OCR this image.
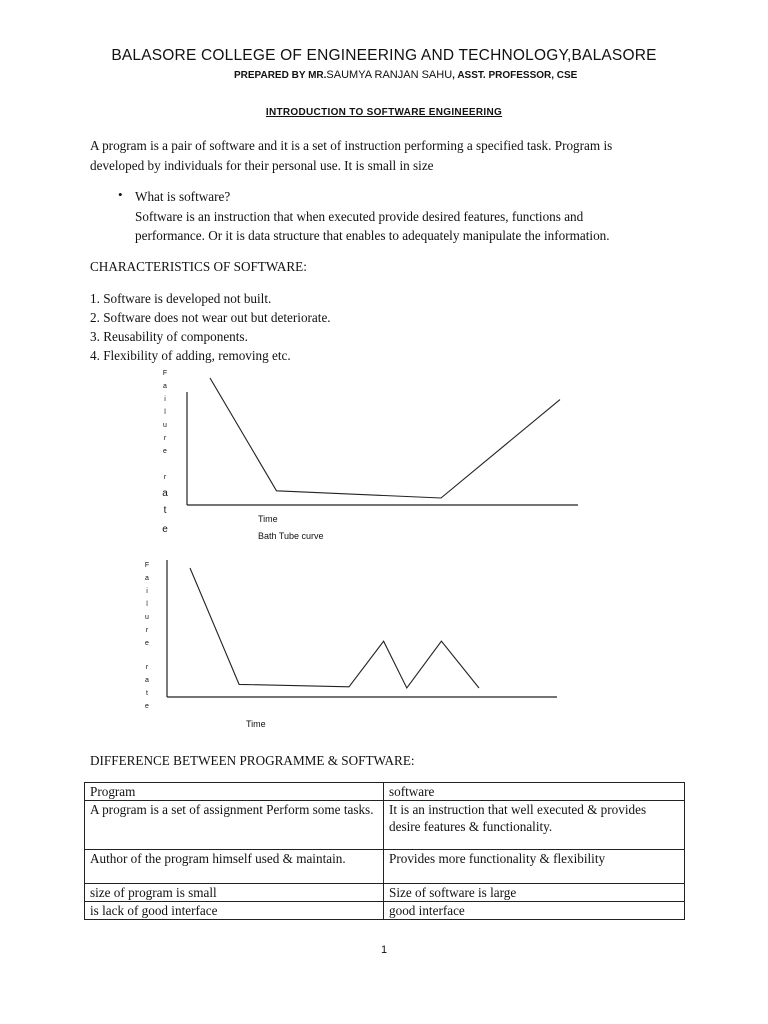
BALASORE COLLEGE OF ENGINEERING AND TECHNOLOGY,BALASORE
PREPARED BY MR.SAUMYA RANJAN SAHU, ASST. PROFESSOR, CSE
INTRODUCTION TO SOFTWARE ENGINEERING
A program is a pair of software and it is a set of instruction performing a specified task. Program is developed by individuals for their personal use. It is small in size
• What is software?
Software is an instruction that when executed provide desired features, functions and performance. Or it is data structure that enables to adequately manipulate the information.
CHARACTERISTICS OF SOFTWARE:
1. Software is developed not built.
2. Software does not wear out but deteriorate.
3. Reusability of components.
4. Flexibility of adding, removing etc.
F
a
i
l
u
r
e
r
a
t
e
Time
Bath Tube curve
F
a
i
l
u
r
e
r
a
t
e
Time
DIFFERENCE BETWEEN PROGRAMME & SOFTWARE:
Program	software
A program is a set of assignment Perform some tasks.	It is an instruction that well executed & provides desire features & functionality.
Author of the program himself used & maintain.	Provides more functionality & flexibility
size of program is small	Size of software is large
is lack of good interface	good interface
1
